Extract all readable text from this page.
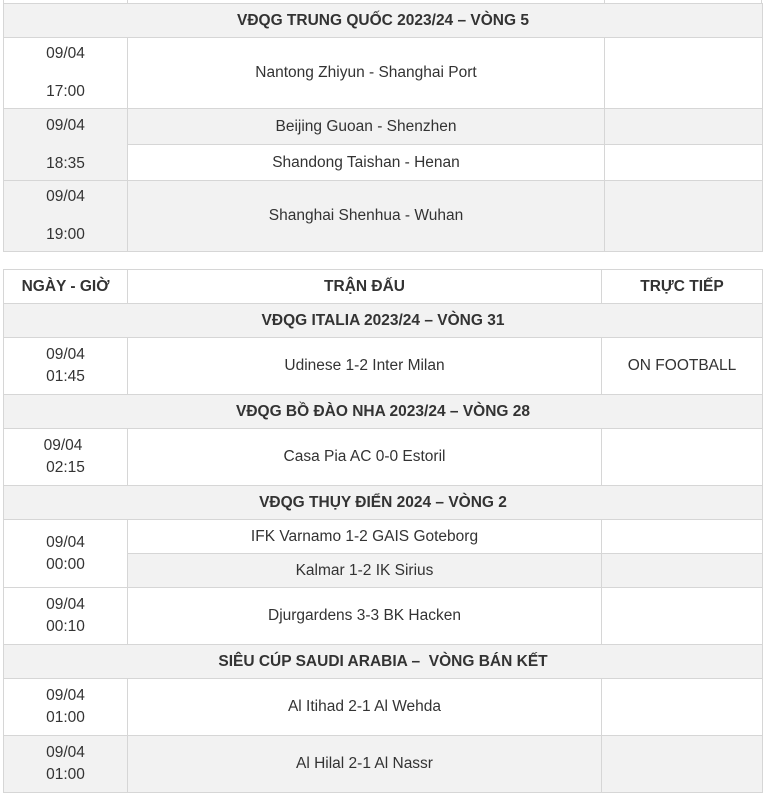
VĐQG TRUNG QUỐC 2023/24 – VÒNG 5		

09/04
17:00	Nantong Zhiyun - Shanghai Port	

09/04
18:35	Beijing Guoan - Shenzhen	
	Shandong Taishan - Henan	

09/04
19:00	Shanghai Shenhua - Wuhan	
NGÀY - GIỜ	TRẬN ĐẤU	TRỰC TIẾP
VĐQG ITALIA 2023/24 – VÒNG 31		

09/04
01:45	Udinese 1-2 Inter Milan	ON FOOTBALL
VĐQG BỒ ĐÀO NHA 2023/24 – VÒNG 28		

09/04
02:15	Casa Pia AC 0-0 Estoril	
VĐQG THỤY ĐIỂN 2024 – VÒNG 2		

09/04
00:00	IFK Varnamo 1-2 GAIS Goteborg	
	Kalmar 1-2 IK Sirius	

09/04
00:10	Djurgardens 3-3 BK Hacken	
SIÊU CÚP SAUDI ARABIA –  VÒNG BÁN KẾT		

09/04
01:00	Al Itihad 2-1 Al Wehda	

09/04
01:00	Al Hilal 2-1 Al Nassr	
